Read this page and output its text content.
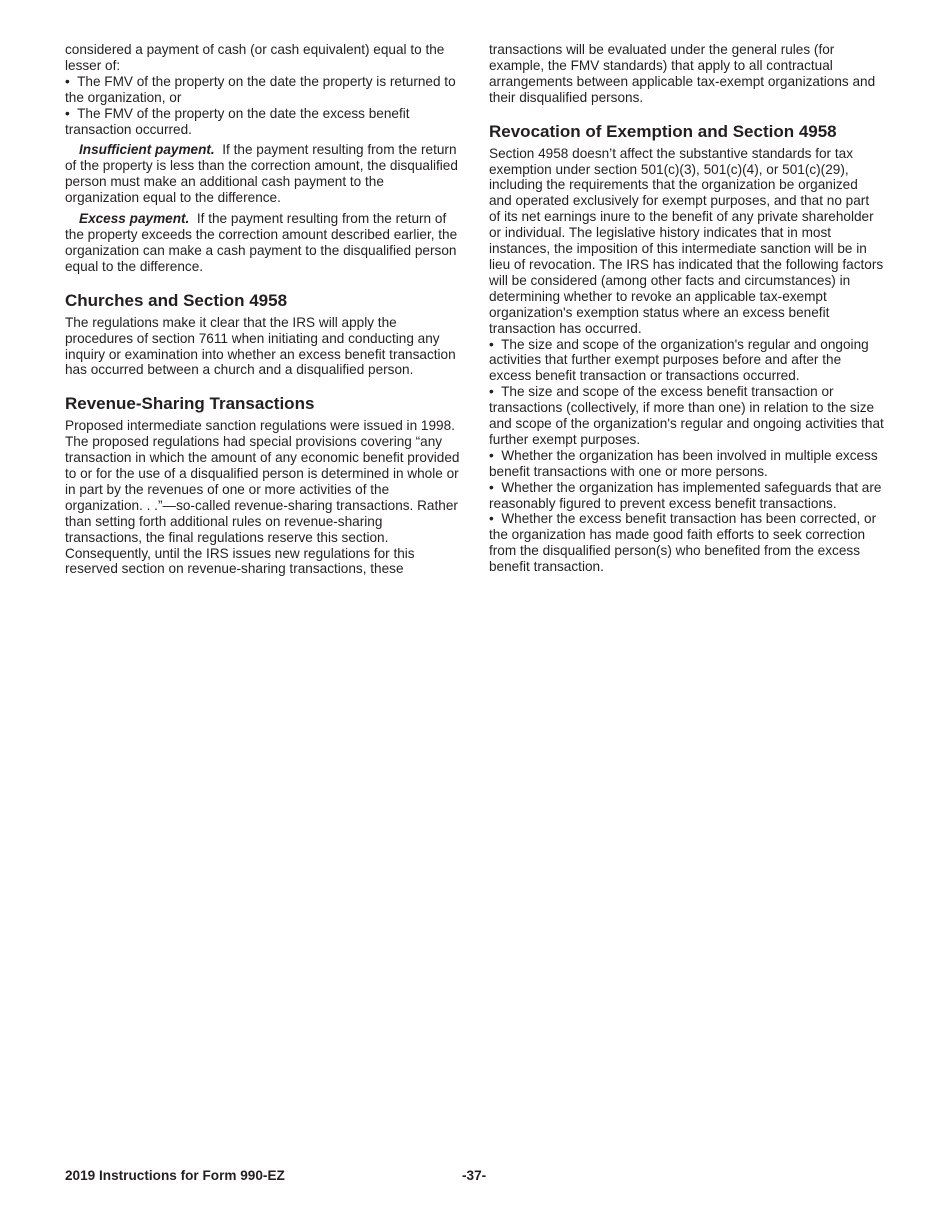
considered a payment of cash (or cash equivalent) equal to the lesser of:

•  The FMV of the property on the date the property is returned to the organization, or

•  The FMV of the property on the date the excess benefit transaction occurred.

Insufficient payment. If the payment resulting from the return of the property is less than the correction amount, the disqualified person must make an additional cash payment to the organization equal to the difference.

Excess payment. If the payment resulting from the return of the property exceeds the correction amount described earlier, the organization can make a cash payment to the disqualified person equal to the difference.

Churches and Section 4958

The regulations make it clear that the IRS will apply the procedures of section 7611 when initiating and conducting any inquiry or examination into whether an excess benefit transaction has occurred between a church and a disqualified person.

Revenue-Sharing Transactions

Proposed intermediate sanction regulations were issued in 1998. The proposed regulations had special provisions covering “any transaction in which the amount of any economic benefit provided to or for the use of a disqualified person is determined in whole or in part by the revenues of one or more activities of the organization. . .”—so-called revenue-sharing transactions. Rather than setting forth additional rules on revenue-sharing transactions, the final regulations reserve this section. Consequently, until the IRS issues new regulations for this reserved section on revenue-sharing transactions, these

transactions will be evaluated under the general rules (for example, the FMV standards) that apply to all contractual arrangements between applicable tax-exempt organizations and their disqualified persons.

Revocation of Exemption and Section 4958

Section 4958 doesn’t affect the substantive standards for tax exemption under section 501(c)(3), 501(c)(4), or 501(c)(29), including the requirements that the organization be organized and operated exclusively for exempt purposes, and that no part of its net earnings inure to the benefit of any private shareholder or individual. The legislative history indicates that in most instances, the imposition of this intermediate sanction will be in lieu of revocation. The IRS has indicated that the following factors will be considered (among other facts and circumstances) in determining whether to revoke an applicable tax-exempt organization's exemption status where an excess benefit transaction has occurred.

•  The size and scope of the organization's regular and ongoing activities that further exempt purposes before and after the excess benefit transaction or transactions occurred.

•  The size and scope of the excess benefit transaction or transactions (collectively, if more than one) in relation to the size and scope of the organization's regular and ongoing activities that further exempt purposes.

•  Whether the organization has been involved in multiple excess benefit transactions with one or more persons.

•  Whether the organization has implemented safeguards that are reasonably figured to prevent excess benefit transactions.

•  Whether the excess benefit transaction has been corrected, or the organization has made good faith efforts to seek correction from the disqualified person(s) who benefited from the excess benefit transaction.

2019 Instructions for Form 990-EZ	-37-
